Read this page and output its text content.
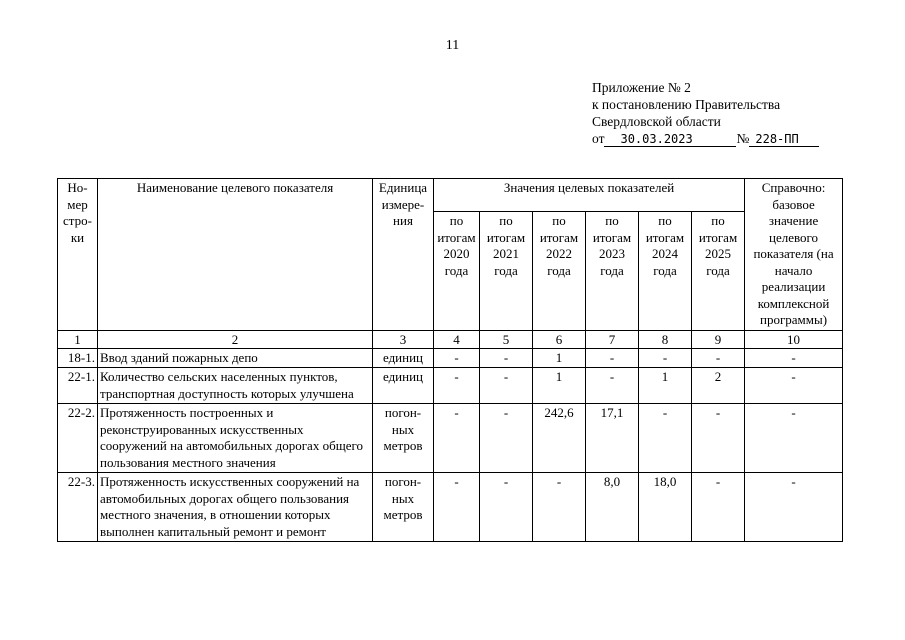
11
Приложение № 2
к постановлению Правительства
Свердловской области
от 30.03.2023	№ 228-ПП
Но-мер стро-ки	Наименование целевого показателя	Единица измере-ния	Значения целевых показателей						Справочно: базовое значение целевого показателя (на начало реализации комплексной программы)
			по итогам 2020 года	по итогам 2021 года	по итогам 2022 года	по итогам 2023 года	по итогам 2024 года	по итогам 2025 года	
1	2	3	4	5	6	7	8	9	10
18-1.	Ввод зданий пожарных депо	единиц	-	-	1	-	-	-	-
22-1.	Количество сельских населенных пунктов, транспортная доступность которых улучшена	единиц	-	-	1	-	1	2	-
22-2.	Протяженность построенных и реконструированных искусственных сооружений на автомобильных дорогах общего пользования местного значения	погон-ных метров	-	-	242,6	17,1	-	-	-
22-3.	Протяженность искусственных сооружений на автомобильных дорогах общего пользования местного значения, в отношении которых выполнен капитальный ремонт и ремонт	погон-ных метров	-	-	-	8,0	18,0	-	-
